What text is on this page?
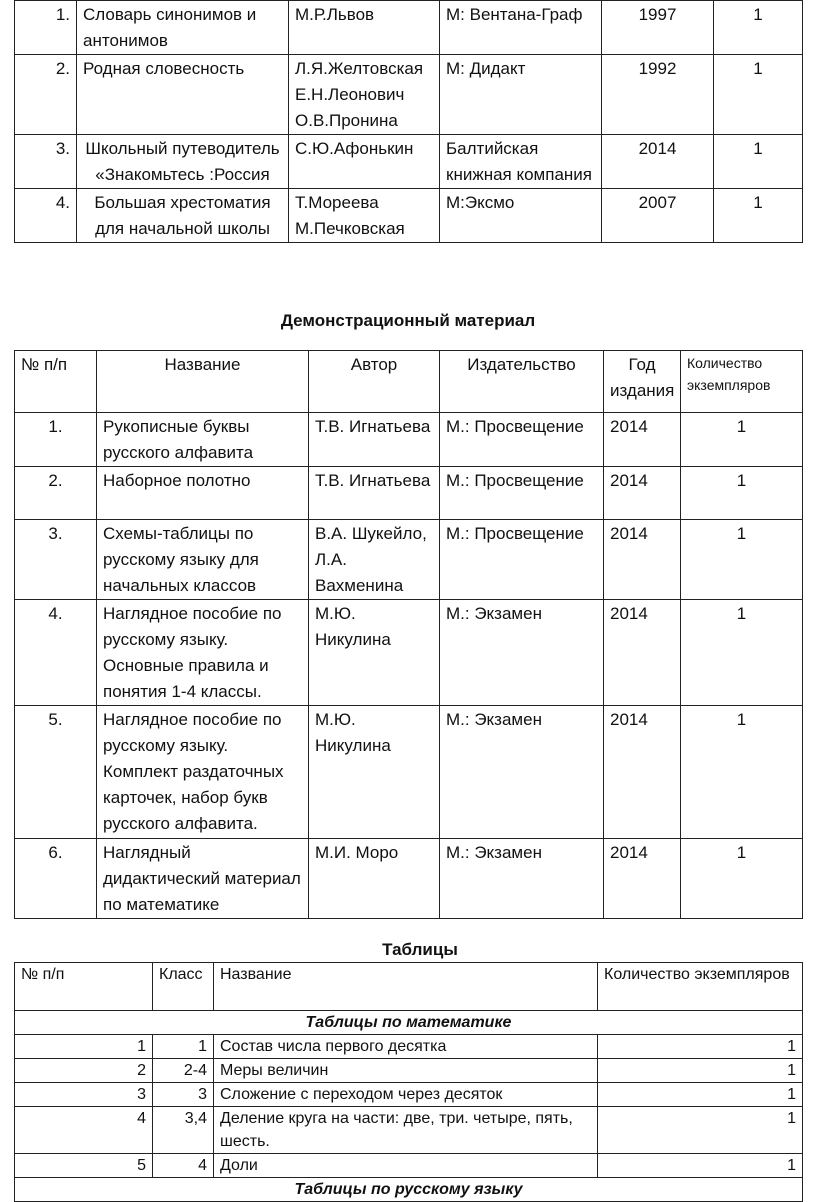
1.	Словарь синонимов и антонимов	М.Р.Львов	М: Вентана-Граф	1997	1
2.	Родная словесность	Л.Я.Желтовская Е.Н.Леонович О.В.Пронина	М: Дидакт	1992	1
3.	Школьный путеводитель «Знакомьтесь :Россия	С.Ю.Афонькин	Балтийская книжная компания	2014	1
4.	Большая хрестоматия для начальной школы	Т.Мореева М.Печковская	М:Эксмо	2007	1
Демонстрационный материал
№ п/п	Название	Автор	Издательство	Год издания	Количество экземпляров
1.	Рукописные буквы русского алфавита	Т.В. Игнатьева	М.: Просвещение	2014	1
2.	Наборное полотно	Т.В. Игнатьева	М.: Просвещение	2014	1
3.	Схемы-таблицы по русскому языку для начальных классов	В.А. Шукейло, Л.А. Вахменина	М.: Просвещение	2014	1
4.	Наглядное пособие по русскому языку. Основные правила и понятия 1-4 классы.	М.Ю. Никулина	М.: Экзамен	2014	1
5.	Наглядное пособие по русскому языку. Комплект раздаточных карточек, набор букв русского алфавита.	М.Ю. Никулина	М.: Экзамен	2014	1
6.	Наглядный дидактический материал по математике	М.И. Моро	М.: Экзамен	2014	1
Таблицы
№ п/п	Класс	Название	Количество экземпляров
Таблицы по математике			
1	1	Состав числа первого десятка	1
2	2-4	Меры величин	1
3	3	Сложение с переходом через десяток	1
4	3,4	Деление круга на части: две, три. четыре, пять, шесть.	1
5	4	Доли	1
Таблицы по русскому языку			
